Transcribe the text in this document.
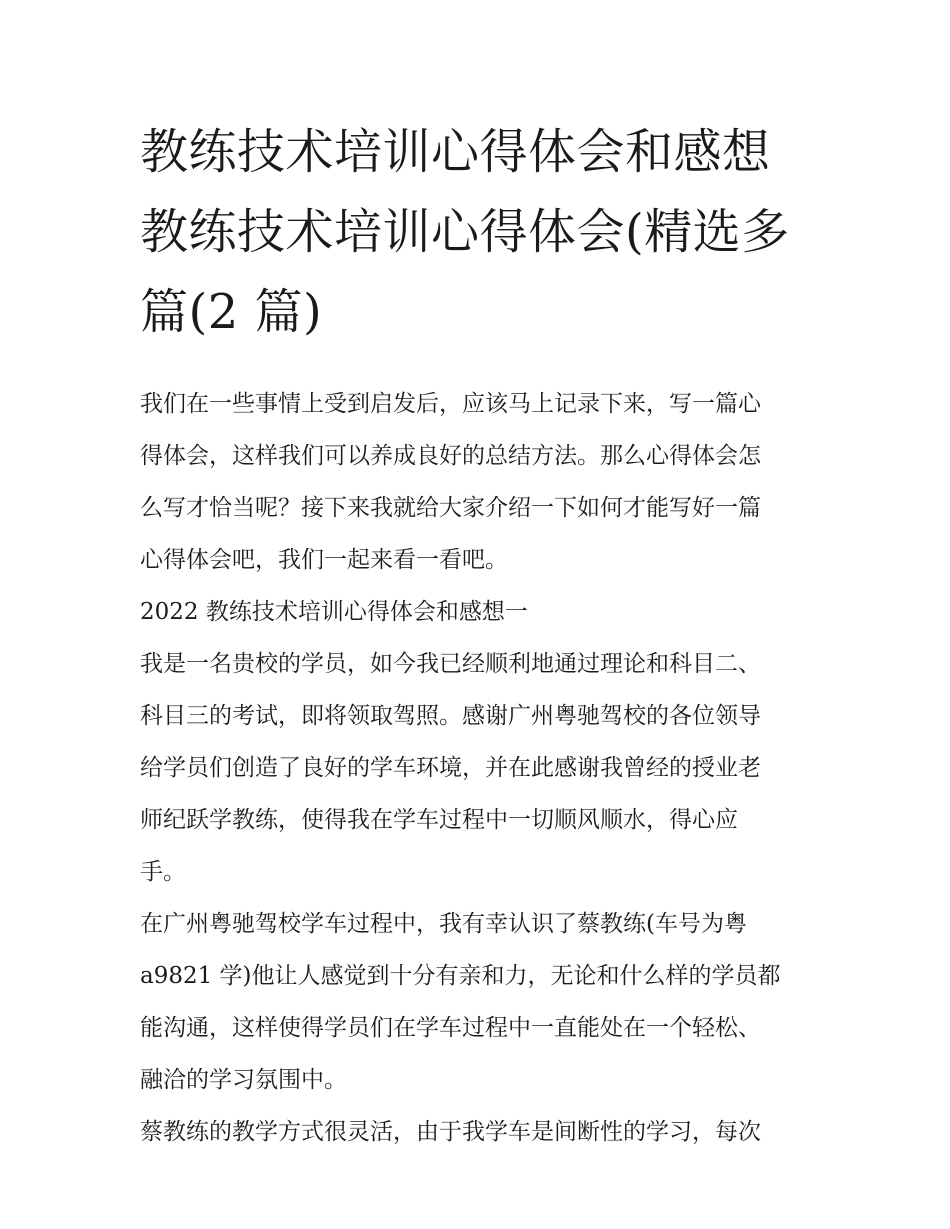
教练技术培训心得体会和感想
教练技术培训心得体会(精选多
篇(2 篇)

我们在一些事情上受到启发后，应该马上记录下来，写一篇心
得体会，这样我们可以养成良好的总结方法。那么心得体会怎
么写才恰当呢？接下来我就给大家介绍一下如何才能写好一篇
心得体会吧，我们一起来看一看吧。

2022 教练技术培训心得体会和感想一

我是一名贵校的学员，如今我已经顺利地通过理论和科目二、
科目三的考试，即将领取驾照。感谢广州粤驰驾校的各位领导
给学员们创造了良好的学车环境，并在此感谢我曾经的授业老
师纪跃学教练，使得我在学车过程中一切顺风顺水，得心应
手。

在广州粤驰驾校学车过程中，我有幸认识了蔡教练(车号为粤
a9821 学)他让人感觉到十分有亲和力，无论和什么样的学员都
能沟通，这样使得学员们在学车过程中一直能处在一个轻松、
融洽的学习氛围中。

蔡教练的教学方式很灵活，由于我学车是间断性的学习，每次
